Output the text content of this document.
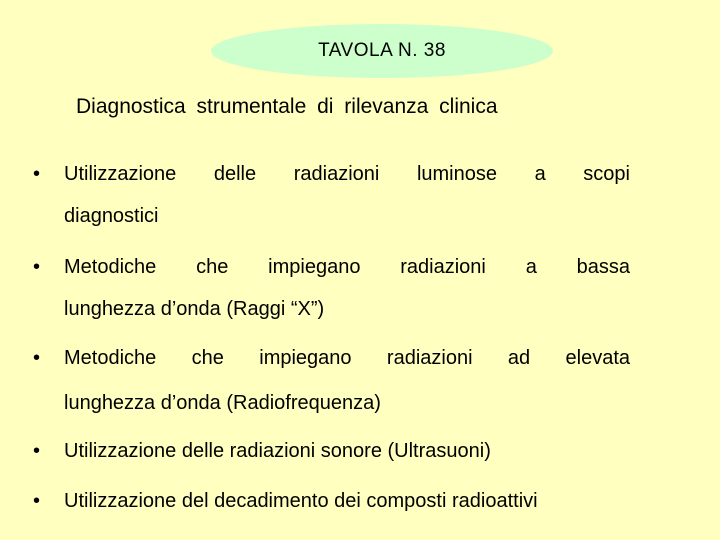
TAVOLA N. 38
Diagnostica strumentale di rilevanza clinica
• Utilizzazione delle radiazioni luminose a scopi
diagnostici
• Metodiche che impiegano radiazioni a bassa
lunghezza d’onda (Raggi “X”)
• Metodiche che impiegano radiazioni ad elevata
lunghezza d’onda (Radiofrequenza)
• Utilizzazione delle radiazioni sonore (Ultrasuoni)
• Utilizzazione del decadimento dei composti radioattivi
